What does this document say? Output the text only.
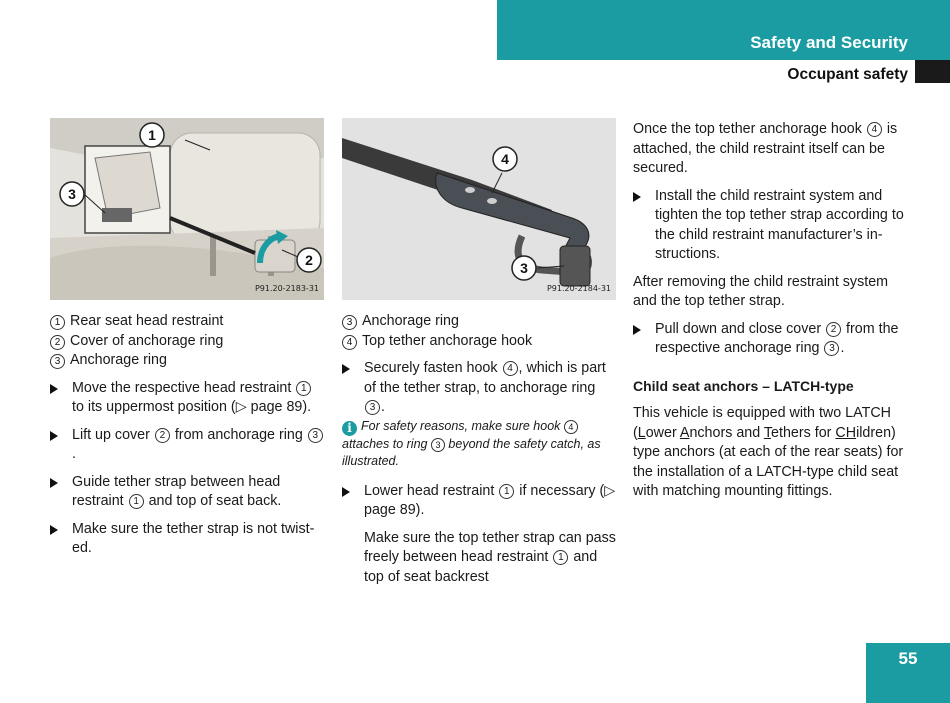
Safety and Security
Occupant safety
1
3
2
P91.20-2183-31

1 Rear seat head restraint

2 Cover of anchorage ring

3 Anchorage ring

Move the respective head restraint 1 to its uppermost position (▷ page 89).
Lift up cover 2 from anchorage ring 3.
Guide tether strap between head restraint 1 and top of seat back.
Make sure the tether strap is not twist-ed.
4
3
P91.20-2184-31

3 Anchorage ring

4 Top tether anchorage hook

Securely fasten hook 4 , which is part of the tether strap, to anchorage ring 3 .

i For safety reasons, make sure hook 4 attaches to ring 3 beyond the safety catch, as illustrated.

Lower head restraint 1 if necessary (▷ page 89).

Make sure the top tether strap can pass freely between head restraint 1 and top of seat backrest

Once the top tether anchorage hook 4 is attached, the child restraint itself can be secured.

Install the child restraint system and tighten the top tether strap according to the child restraint manufacturer’s in-structions.

After removing the child restraint system and the top tether strap.

Pull down and close cover 2 from the respective anchorage ring 3 .

Child seat anchors – LATCH-type

This vehicle is equipped with two LATCH (Lower Anchors and Tethers for CHildren) type anchors (at each of the rear seats) for the installation of a LATCH-type child seat with matching mounting fittings.

55
